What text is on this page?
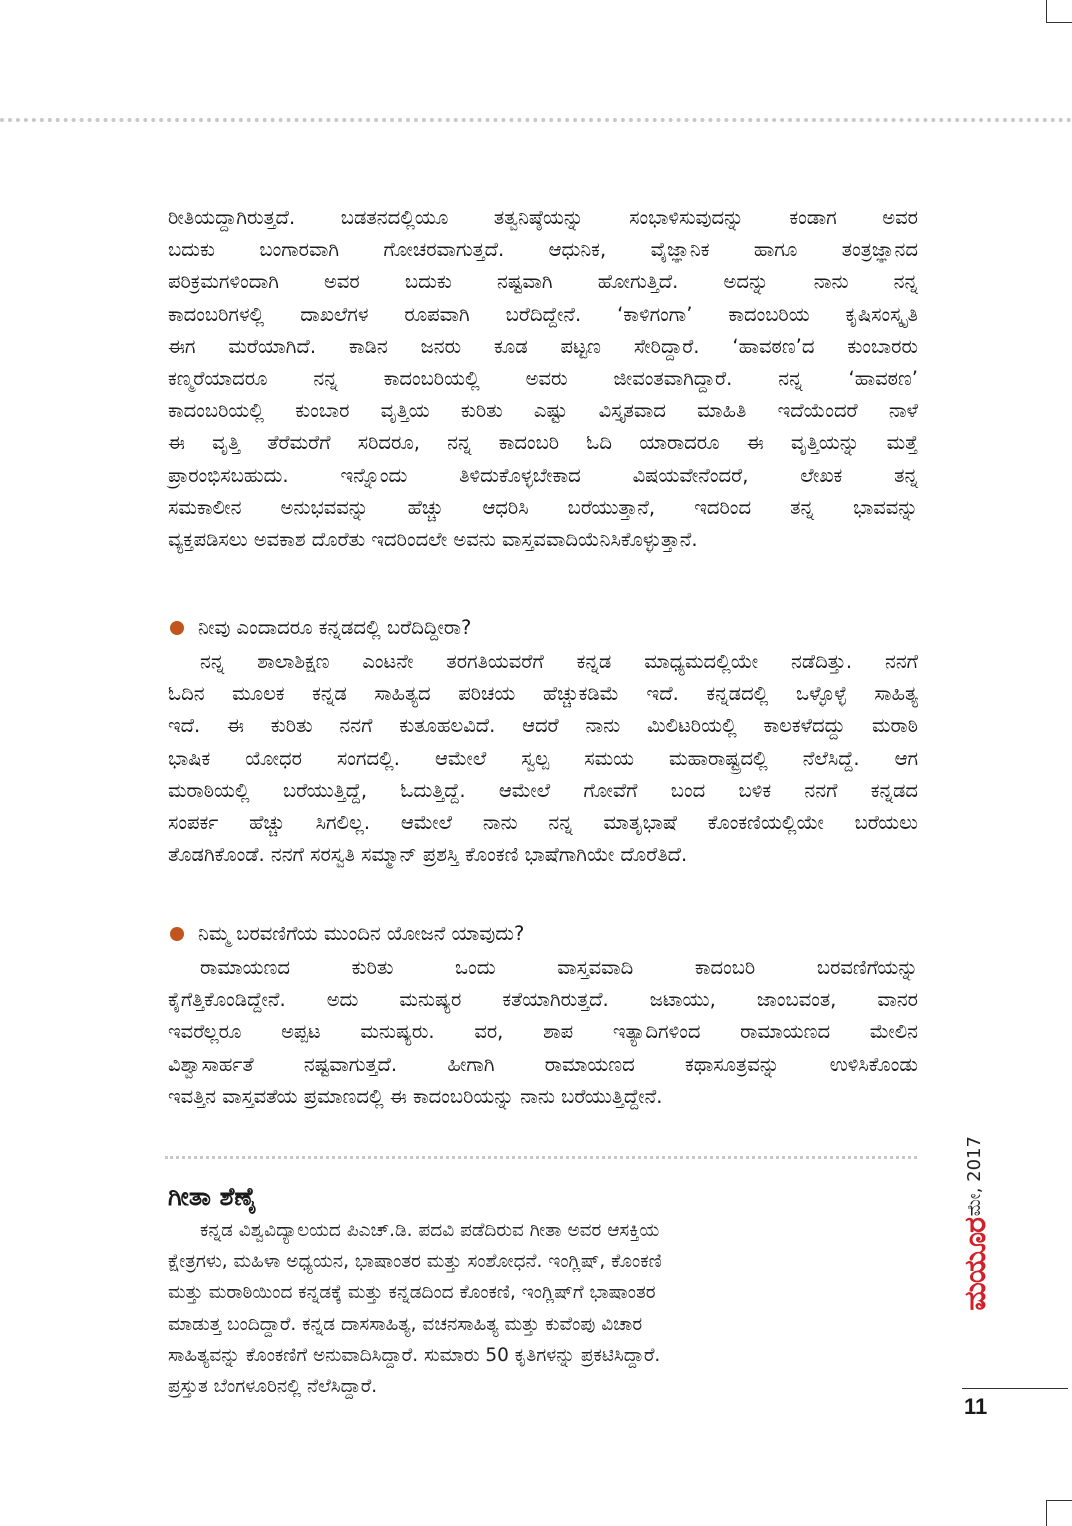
ರೀತಿಯದ್ದಾಗಿರುತ್ತದೆ. ಬಡತನದಲ್ಲಿಯೂ ತತ್ವನಿಷ್ಠೆಯನ್ನು ಸಂಭಾಳಿಸುವುದನ್ನು ಕಂಡಾಗ ಅವರ

ಬದುಕು ಬಂಗಾರವಾಗಿ ಗೋಚರವಾಗುತ್ತದೆ. ಆಧುನಿಕ, ವೈಜ್ಞಾನಿಕ ಹಾಗೂ ತಂತ್ರಜ್ಞಾನದ

ಪರಿಕ್ರಮಗಳಿಂದಾಗಿ ಅವರ ಬದುಕು ನಷ್ಟವಾಗಿ ಹೋಗುತ್ತಿದೆ. ಅದನ್ನು ನಾನು ನನ್ನ

ಕಾದಂಬರಿಗಳಲ್ಲಿ ದಾಖಲೆಗಳ ರೂಪವಾಗಿ ಬರೆದಿದ್ದೇನೆ. ‘ಕಾಳಿಗಂಗಾ’ ಕಾದಂಬರಿಯ ಕೃಷಿಸಂಸ್ಕೃತಿ

ಈಗ ಮರೆಯಾಗಿದೆ. ಕಾಡಿನ ಜನರು ಕೂಡ ಪಟ್ಟಣ ಸೇರಿದ್ದಾರೆ. ‘ಹಾವಠಣ’ದ ಕುಂಬಾರರು

ಕಣ್ಮರೆಯಾದರೂ ನನ್ನ ಕಾದಂಬರಿಯಲ್ಲಿ ಅವರು ಜೀವಂತವಾಗಿದ್ದಾರೆ. ನನ್ನ ‘ಹಾವಠಣ’

ಕಾದಂಬರಿಯಲ್ಲಿ ಕುಂಬಾರ ವೃತ್ತಿಯ ಕುರಿತು ಎಷ್ಟು ವಿಸ್ತೃತವಾದ ಮಾಹಿತಿ ಇದೆಯೆಂದರೆ ನಾಳೆ

ಈ ವೃತ್ತಿ ತೆರೆಮರೆಗೆ ಸರಿದರೂ, ನನ್ನ ಕಾದಂಬರಿ ಓದಿ ಯಾರಾದರೂ ಈ ವೃತ್ತಿಯನ್ನು ಮತ್ತೆ

ಪ್ರಾರಂಭಿಸಬಹುದು. ಇನ್ನೊಂದು ತಿಳಿದುಕೊಳ್ಳಬೇಕಾದ ವಿಷಯವೇನೆಂದರೆ, ಲೇಖಕ ತನ್ನ

ಸಮಕಾಲೀನ ಅನುಭವವನ್ನು ಹೆಚ್ಚು ಆಧರಿಸಿ ಬರೆಯುತ್ತಾನೆ, ಇದರಿಂದ ತನ್ನ ಭಾವವನ್ನು

ವ್ಯಕ್ತಪಡಿಸಲು ಅವಕಾಶ ದೊರೆತು ಇದರಿಂದಲೇ ಅವನು ವಾಸ್ತವವಾದಿಯೆನಿಸಿಕೊಳ್ಳುತ್ತಾನೆ.

ನೀವು ಎಂದಾದರೂ ಕನ್ನಡದಲ್ಲಿ ಬರೆದಿದ್ದೀರಾ?

ನನ್ನ ಶಾಲಾಶಿಕ್ಷಣ ಎಂಟನೇ ತರಗತಿಯವರೆಗೆ ಕನ್ನಡ ಮಾಧ್ಯಮದಲ್ಲಿಯೇ ನಡೆದಿತ್ತು. ನನಗೆ

ಓದಿನ ಮೂಲಕ ಕನ್ನಡ ಸಾಹಿತ್ಯದ ಪರಿಚಯ ಹೆಚ್ಚುಕಡಿಮೆ ಇದೆ. ಕನ್ನಡದಲ್ಲಿ ಒಳ್ಳೊಳ್ಳೆ ಸಾಹಿತ್ಯ

ಇದೆ. ಈ ಕುರಿತು ನನಗೆ ಕುತೂಹಲವಿದೆ. ಆದರೆ ನಾನು ಮಿಲಿಟರಿಯಲ್ಲಿ ಕಾಲಕಳೆದದ್ದು ಮರಾಠಿ

ಭಾಷಿಕ ಯೋಧರ ಸಂಗದಲ್ಲಿ. ಆಮೇಲೆ ಸ್ವಲ್ಪ ಸಮಯ ಮಹಾರಾಷ್ಟ್ರದಲ್ಲಿ ನೆಲೆಸಿದ್ದೆ. ಆಗ

ಮರಾಠಿಯಲ್ಲಿ ಬರೆಯುತ್ತಿದ್ದೆ, ಓದುತ್ತಿದ್ದೆ. ಆಮೇಲೆ ಗೋವೆಗೆ ಬಂದ ಬಳಿಕ ನನಗೆ ಕನ್ನಡದ

ಸಂಪರ್ಕ ಹೆಚ್ಚು ಸಿಗಲಿಲ್ಲ. ಆಮೇಲೆ ನಾನು ನನ್ನ ಮಾತೃಭಾಷೆ ಕೊಂಕಣಿಯಲ್ಲಿಯೇ ಬರೆಯಲು

ತೊಡಗಿಕೊಂಡೆ. ನನಗೆ ಸರಸ್ವತಿ ಸಮ್ಮಾನ್ ಪ್ರಶಸ್ತಿ ಕೊಂಕಣಿ ಭಾಷೆಗಾಗಿಯೇ ದೊರೆತಿದೆ.

ನಿಮ್ಮ ಬರವಣಿಗೆಯ ಮುಂದಿನ ಯೋಜನೆ ಯಾವುದು?

ರಾಮಾಯಣದ ಕುರಿತು ಒಂದು ವಾಸ್ತವವಾದಿ ಕಾದಂಬರಿ ಬರವಣಿಗೆಯನ್ನು

ಕೈಗೆತ್ತಿಕೊಂಡಿದ್ದೇನೆ. ಅದು ಮನುಷ್ಯರ ಕತೆಯಾಗಿರುತ್ತದೆ. ಜಟಾಯು, ಜಾಂಬವಂತ, ವಾನರ

ಇವರೆಲ್ಲರೂ ಅಪ್ಪಟ ಮನುಷ್ಯರು. ವರ, ಶಾಪ ಇತ್ಯಾದಿಗಳಿಂದ ರಾಮಾಯಣದ ಮೇಲಿನ

ವಿಶ್ವಾಸಾರ್ಹತೆ ನಷ್ಟವಾಗುತ್ತದೆ. ಹೀಗಾಗಿ ರಾಮಾಯಣದ ಕಥಾಸೂತ್ರವನ್ನು ಉಳಿಸಿಕೊಂಡು

ಇವತ್ತಿನ ವಾಸ್ತವತೆಯ ಪ್ರಮಾಣದಲ್ಲಿ ಈ ಕಾದಂಬರಿಯನ್ನು ನಾನು ಬರೆಯುತ್ತಿದ್ದೇನೆ.

ಗೀತಾ ಶೆಣೈ

ಕನ್ನಡ ವಿಶ್ವವಿದ್ಯಾಲಯದ ಪಿಎಚ್.ಡಿ. ಪದವಿ ಪಡೆದಿರುವ ಗೀತಾ ಅವರ ಆಸಕ್ತಿಯ

ಕ್ಷೇತ್ರಗಳು, ಮಹಿಳಾ ಅಧ್ಯಯನ, ಭಾಷಾಂತರ ಮತ್ತು ಸಂಶೋಧನೆ. ಇಂಗ್ಲಿಷ್, ಕೊಂಕಣಿ

ಮತ್ತು ಮರಾಠಿಯಿಂದ ಕನ್ನಡಕ್ಕೆ ಮತ್ತು ಕನ್ನಡದಿಂದ ಕೊಂಕಣಿ, ಇಂಗ್ಲಿಷ್‌ಗೆ ಭಾಷಾಂತರ

ಮಾಡುತ್ತ ಬಂದಿದ್ದಾರೆ. ಕನ್ನಡ ದಾಸಸಾಹಿತ್ಯ, ವಚನಸಾಹಿತ್ಯ ಮತ್ತು ಕುವೆಂಪು ವಿಚಾರ

ಸಾಹಿತ್ಯವನ್ನು ಕೊಂಕಣಿಗೆ ಅನುವಾದಿಸಿದ್ದಾರೆ. ಸುಮಾರು 50 ಕೃತಿಗಳನ್ನು ಪ್ರಕಟಿಸಿದ್ದಾರೆ.

ಪ್ರಸ್ತುತ ಬೆಂಗಳೂರಿನಲ್ಲಿ ನೆಲೆಸಿದ್ದಾರೆ.

ಮೇ, 2017
ಮಯೂರ
11
